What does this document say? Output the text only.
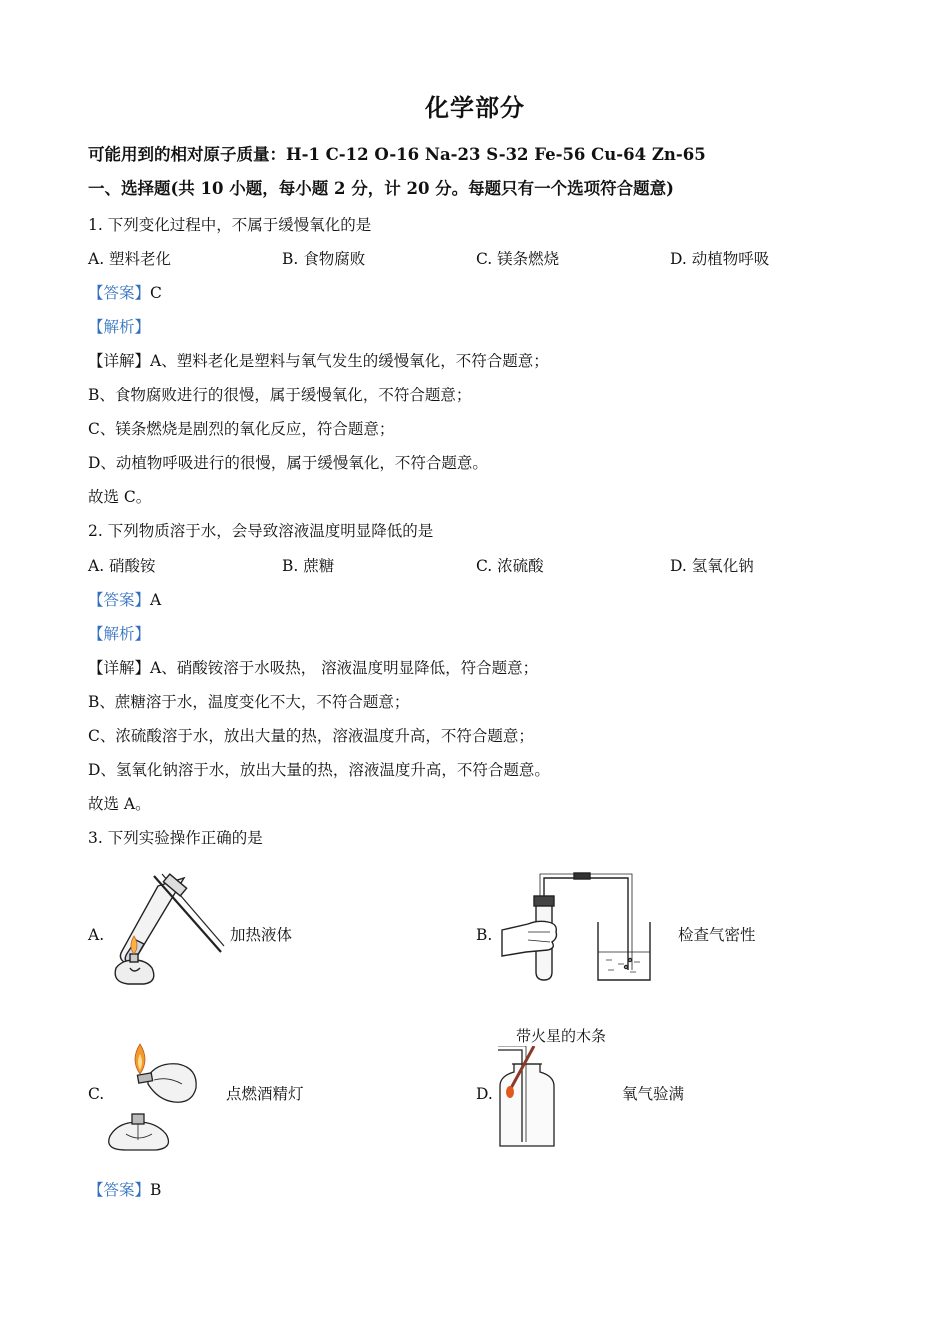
化学部分
可能用到的相对原子质量：H-1 C-12 O-16 Na-23 S-32 Fe-56 Cu-64 Zn-65
一、选择题(共 10 小题，每小题 2 分，计 20 分。每题只有一个选项符合题意)
1. 下列变化过程中，不属于缓慢氧化的是
A. 塑料老化	B. 食物腐败	C. 镁条燃烧	D. 动植物呼吸
【答案】C
【解析】
【详解】A、塑料老化是塑料与氧气发生的缓慢氧化，不符合题意；
B、食物腐败进行的很慢，属于缓慢氧化，不符合题意；
C、镁条燃烧是剧烈的氧化反应，符合题意；
D、动植物呼吸进行的很慢，属于缓慢氧化，不符合题意。
故选 C。
2. 下列物质溶于水，会导致溶液温度明显降低的是
A. 硝酸铵	B. 蔗糖	C. 浓硫酸	D. 氢氧化钠
【答案】A
【解析】
【详解】A、硝酸铵溶于水吸热， 溶液温度明显降低，符合题意；
B、蔗糖溶于水，温度变化不大，不符合题意；
C、浓硫酸溶于水，放出大量的热，溶液温度升高，不符合题意；
D、氢氧化钠溶于水，放出大量的热，溶液温度升高，不符合题意。
故选 A。
3. 下列实验操作正确的是
A.	加热液体	B.	检查气密性
C.	点燃酒精灯	D.
带火星的木条
氧气验满
【答案】B
